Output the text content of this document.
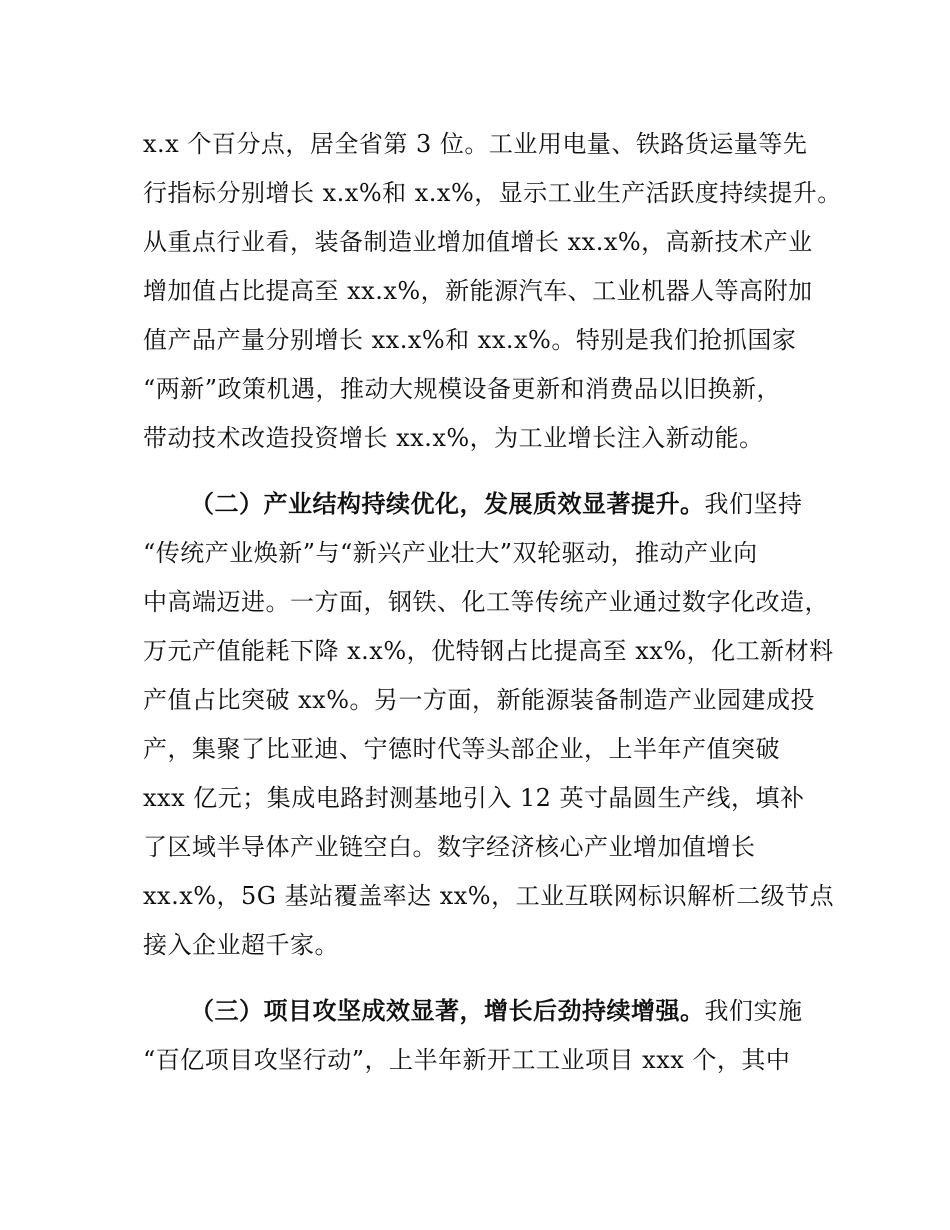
x.x 个百分点，居全省第 3 位。工业用电量、铁路货运量等先
行指标分别增长 x.x%和 x.x%，显示工业生产活跃度持续提升。
从重点行业看，装备制造业增加值增长 xx.x%，高新技术产业
增加值占比提高至 xx.x%，新能源汽车、工业机器人等高附加
值产品产量分别增长 xx.x%和 xx.x%。特别是我们抢抓国家
“两新”政策机遇，推动大规模设备更新和消费品以旧换新，
带动技术改造投资增长 xx.x%，为工业增长注入新动能。
（二）产业结构持续优化，发展质效显著提升。我们坚持
“传统产业焕新”与“新兴产业壮大”双轮驱动，推动产业向
中高端迈进。一方面，钢铁、化工等传统产业通过数字化改造，
万元产值能耗下降 x.x%，优特钢占比提高至 xx%，化工新材料
产值占比突破 xx%。另一方面，新能源装备制造产业园建成投
产，集聚了比亚迪、宁德时代等头部企业，上半年产值突破
xxx 亿元；集成电路封测基地引入 12 英寸晶圆生产线，填补
了区域半导体产业链空白。数字经济核心产业增加值增长
xx.x%，5G 基站覆盖率达 xx%，工业互联网标识解析二级节点
接入企业超千家。
（三）项目攻坚成效显著，增长后劲持续增强。我们实施
“百亿项目攻坚行动”，上半年新开工工业项目 xxx 个，其中
